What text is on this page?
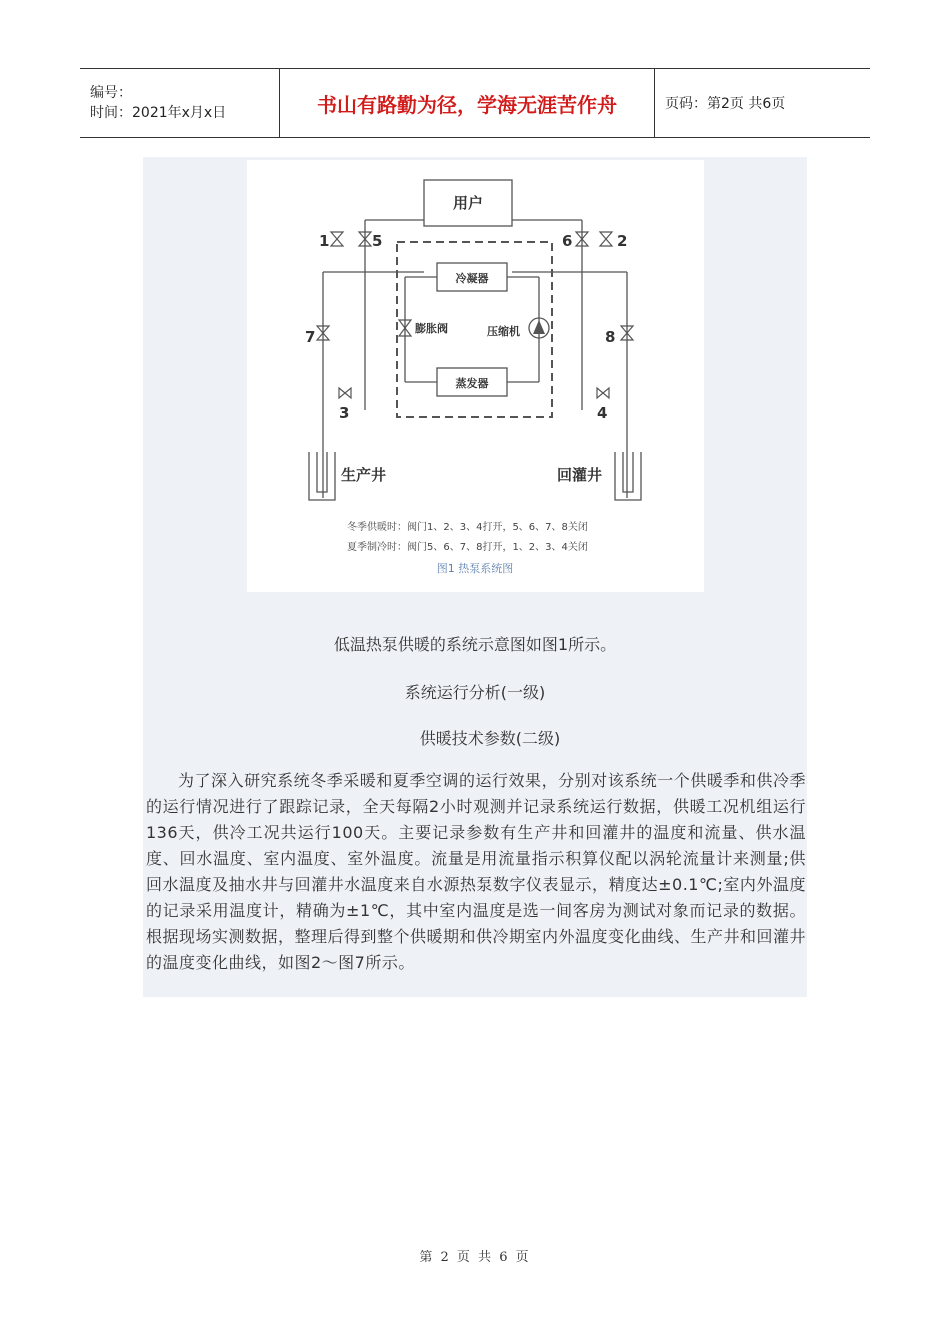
编号：
时间：2021年x月x日	书山有路勤为径，学海无涯苦作舟	页码：第2页 共6页
1	2
3	4
5	6
7	8
用户
冷凝器
蒸发器
膨胀阀	压缩机
生产井	回灌井
冬季供暖时：阀门1、2、3、4打开，5、6、7、8关闭
夏季制冷时：阀门5、6、7、8打开，1、2、3、4关闭
图1 热泵系统图
低温热泵供暖的系统示意图如图1所示。
系统运行分析(一级)
供暖技术参数(二级)
为了深入研究系统冬季采暖和夏季空调的运行效果，分别对该系统一个供暖季和供冷季的运行情况进行了跟踪记录，全天每隔2小时观测并记录系统运行数据，供暖工况机组运行136天，供冷工况共运行100天。主要记录参数有生产井和回灌井的温度和流量、供水温度、回水温度、室内温度、室外温度。流量是用流量指示积算仪配以涡轮流量计来测量;供回水温度及抽水井与回灌井水温度来自水源热泵数字仪表显示，精度达±0.1℃;室内外温度的记录采用温度计，精确为±1℃，其中室内温度是选一间客房为测试对象而记录的数据。根据现场实测数据，整理后得到整个供暖期和供冷期室内外温度变化曲线、生产井和回灌井的温度变化曲线，如图2～图7所示。
第 2 页 共 6 页
